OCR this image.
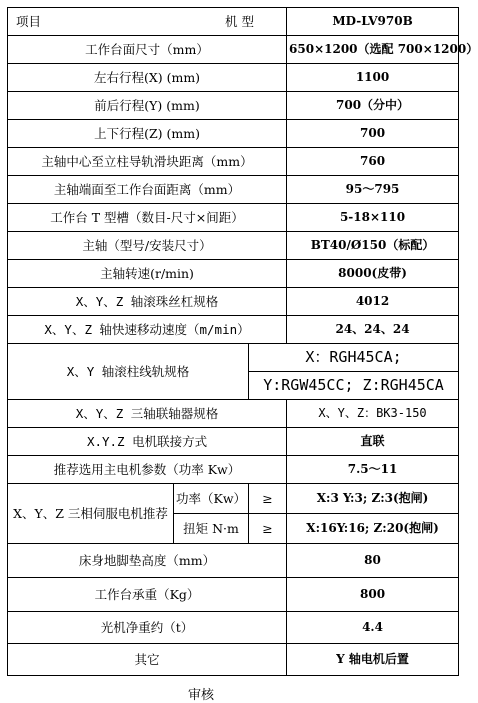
项目 机 型			MD-LV970B
工作台面尺寸（mm）			650×1200（选配 700×1200）
左右行程(X) (mm)			1100
前后行程(Y) (mm)			700（分中）
上下行程(Z) (mm)			700
主轴中心至立柱导轨滑块距离（mm）			760
主轴端面至工作台面距离（mm）			95～795
工作台 T 型槽（数目-尺寸×间距）			5-18×110
主轴（型号/安装尺寸）			BT40/Ø150（标配）
主轴转速(r/min)			8000(皮带)
X、Y、Z 轴滚珠丝杠规格			4012
X、Y、Z 轴快速移动速度（m/min）			24、24、24
X、Y 轴滚柱线轨规格		X：RGH45CA;	
		Y:RGW45CC; Z:RGH45CA	
X、Y、Z 三轴联轴器规格			X、Y、Z：BK3-150
X.Y.Z 电机联接方式			直联
推荐选用主电机参数（功率 Kw）			7.5～11
X、Y、Z 三相伺服电机推荐	功率（Kw）	≥	X:3 Y:3; Z:3(抱闸)
	扭矩 N·m	≥	X:16Y:16; Z:20(抱闸)
床身地脚垫高度（mm）			80
工作台承重（Kg）			800
光机净重约（t）			4.4
其它			Y 轴电机后置
审核
